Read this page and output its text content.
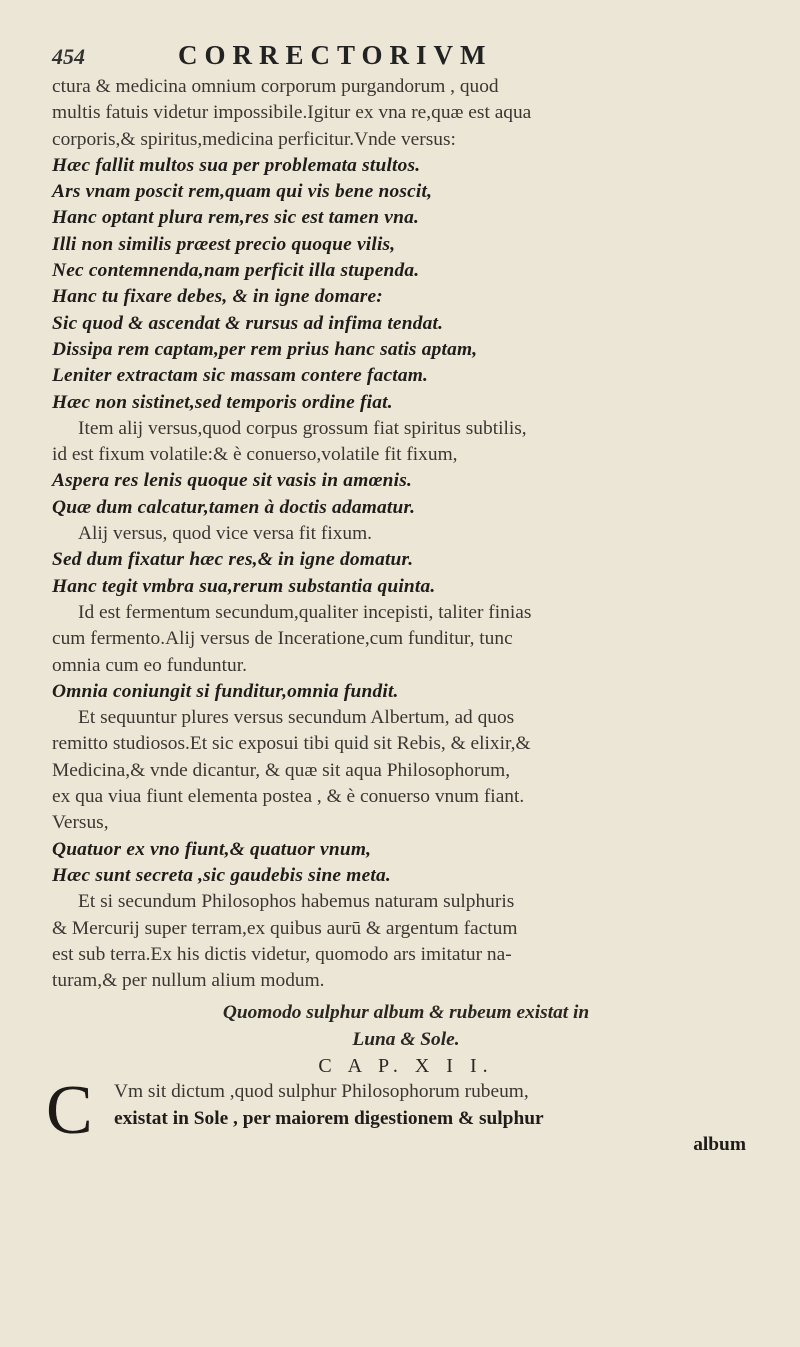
454	CORRECTORIVM
ctura & medicina omnium corporum purgandorum , quod
multis fatuis videtur impossibile.Igitur ex vna re,quæ est aqua
corporis,& spiritus,medicina perficitur.Vnde versus:
Hæc fallit multos sua per problemata stultos.
Ars vnam poscit rem,quam qui vis bene noscit,
Hanc optant plura rem,res sic est tamen vna.
Illi non similis præest precio quoque vilis,
Nec contemnenda,nam perficit illa stupenda.
Hanc tu fixare debes, & in igne domare:
Sic quod & ascendat & rursus ad infima tendat.
Dissipa rem captam,per rem prius hanc satis aptam,
Leniter extractam sic massam contere factam.
Hæc non sistinet,sed temporis ordine fiat.
Item alij versus,quod corpus grossum fiat spiritus subtilis,
id est fixum volatile:& è conuerso,volatile fit fixum,
Aspera res lenis quoque sit vasis in amœnis.
Quæ dum calcatur,tamen à doctis adamatur.
Alij versus, quod vice versa fit fixum.
Sed dum fixatur hæc res,& in igne domatur.
Hanc tegit vmbra sua,rerum substantia quinta.
Id est fermentum secundum,qualiter incepisti, taliter finias
cum fermento.Alij versus de Inceratione,cum funditur, tunc
omnia cum eo funduntur.
Omnia coniungit si funditur,omnia fundit.
Et sequuntur plures versus secundum Albertum, ad quos
remitto studiosos.Et sic exposui tibi quid sit Rebis, & elixir,&
Medicina,& vnde dicantur, & quæ sit aqua Philosophorum,
ex qua viua fiunt elementa postea , & è conuerso vnum fiant.
Versus,
Quatuor ex vno fiunt,& quatuor vnum,
Hæc sunt secreta ,sic gaudebis sine meta.
Et si secundum Philosophos habemus naturam sulphuris
& Mercurij super terram,ex quibus aurū & argentum factum
est sub terra.Ex his dictis videtur, quomodo ars imitatur na-
turam,& per nullum alium modum.
Quomodo sulphur album & rubeum existat in
Luna & Sole.
C A P. X I I.
C Vm sit dictum ,quod sulphur Philosophorum rubeum,
existat in Sole , per maiorem digestionem & sulphur
album
